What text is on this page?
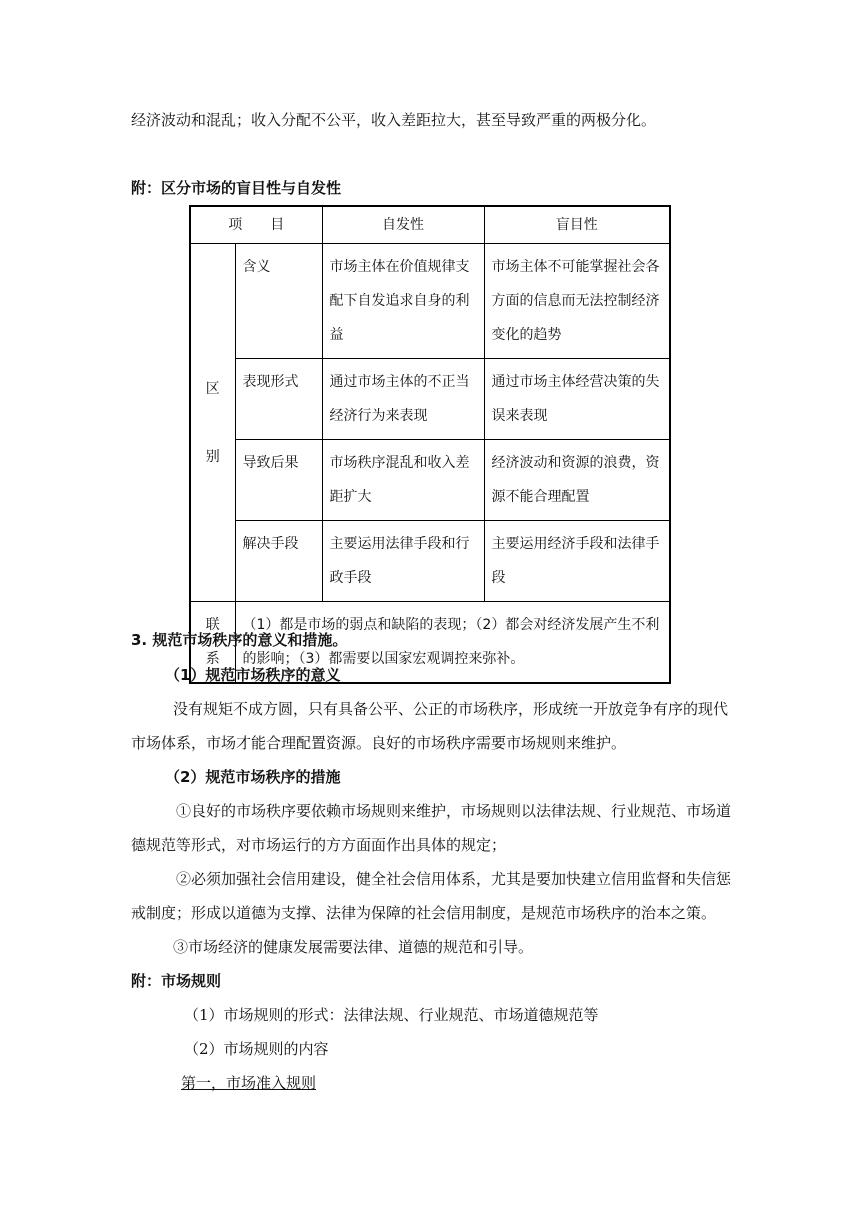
经济波动和混乱；收入分配不公平，收入差距拉大，甚至导致严重的两极分化。
附：区分市场的盲目性与自发性
项　　目		自发性	盲目性

区
别	含义	市场主体在价值规律支配下自发追求自身的利益	市场主体不可能掌握社会各方面的信息而无法控制经济变化的趋势
	表现形式	通过市场主体的不正当经济行为来表现	通过市场主体经营决策的失误来表现
	导致后果	市场秩序混乱和收入差距扩大	经济波动和资源的浪费，资源不能合理配置
	解决手段	主要运用法律手段和行政手段	主要运用经济手段和法律手段

联
系	（1）都是市场的弱点和缺陷的表现；（2）都会对经济发展产生不利的影响；（3）都需要以国家宏观调控来弥补。		
3. 规范市场秩序的意义和措施。
（1）规范市场秩序的意义
没有规矩不成方圆，只有具备公平、公正的市场秩序，形成统一开放竞争有序的现代
市场体系，市场才能合理配置资源。良好的市场秩序需要市场规则来维护。
（2）规范市场秩序的措施
①良好的市场秩序要依赖市场规则来维护，市场规则以法律法规、行业规范、市场道
德规范等形式，对市场运行的方方面面作出具体的规定；
②必须加强社会信用建设，健全社会信用体系，尤其是要加快建立信用监督和失信惩
戒制度；形成以道德为支撑、法律为保障的社会信用制度，是规范市场秩序的治本之策。
③市场经济的健康发展需要法律、道德的规范和引导。
附：市场规则
（1）市场规则的形式：法律法规、行业规范、市场道德规范等
（2）市场规则的内容
第一，市场准入规则
